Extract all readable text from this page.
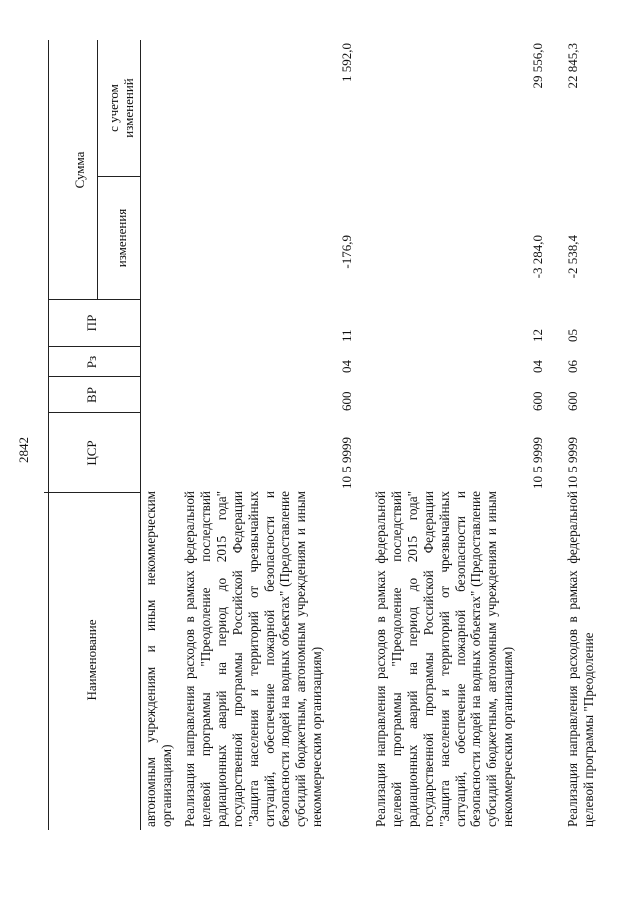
2842
Наименование
ЦСР
ВР
Рз
ПР
Сумма
изменения
с учетом изменений

автономным учреждениям и иным некоммерческим организациям) Реализация направления расходов в рамках федеральной целевой программы "Преодоление последствий радиационных аварий на период до 2015 года" государственной программы Российской Федерации "Защита населения и территорий от чрезвычайных ситуаций, обеспечение пожарной безопасности и безопасности людей на водных объектах" (Предоставление субсидий бюджетным, автономным учреждениям и иным некоммерческим организациям)

10 5 9999
600
04
11
-176,9
1 592,0

Реализация направления расходов в рамках федеральной целевой программы "Преодоление последствий радиационных аварий на период до 2015 года" государственной программы Российской Федерации "Защита населения и территорий от чрезвычайных ситуаций, обеспечение пожарной безопасности и безопасности людей на водных объектах" (Предоставление субсидий бюджетным, автономным учреждениям и иным некоммерческим организациям)

10 5 9999
600
04
12
-3 284,0
29 556,0

Реализация направления расходов в рамках федеральной целевой программы "Преодоление

10 5 9999
600
06
05
-2 538,4
22 845,3
